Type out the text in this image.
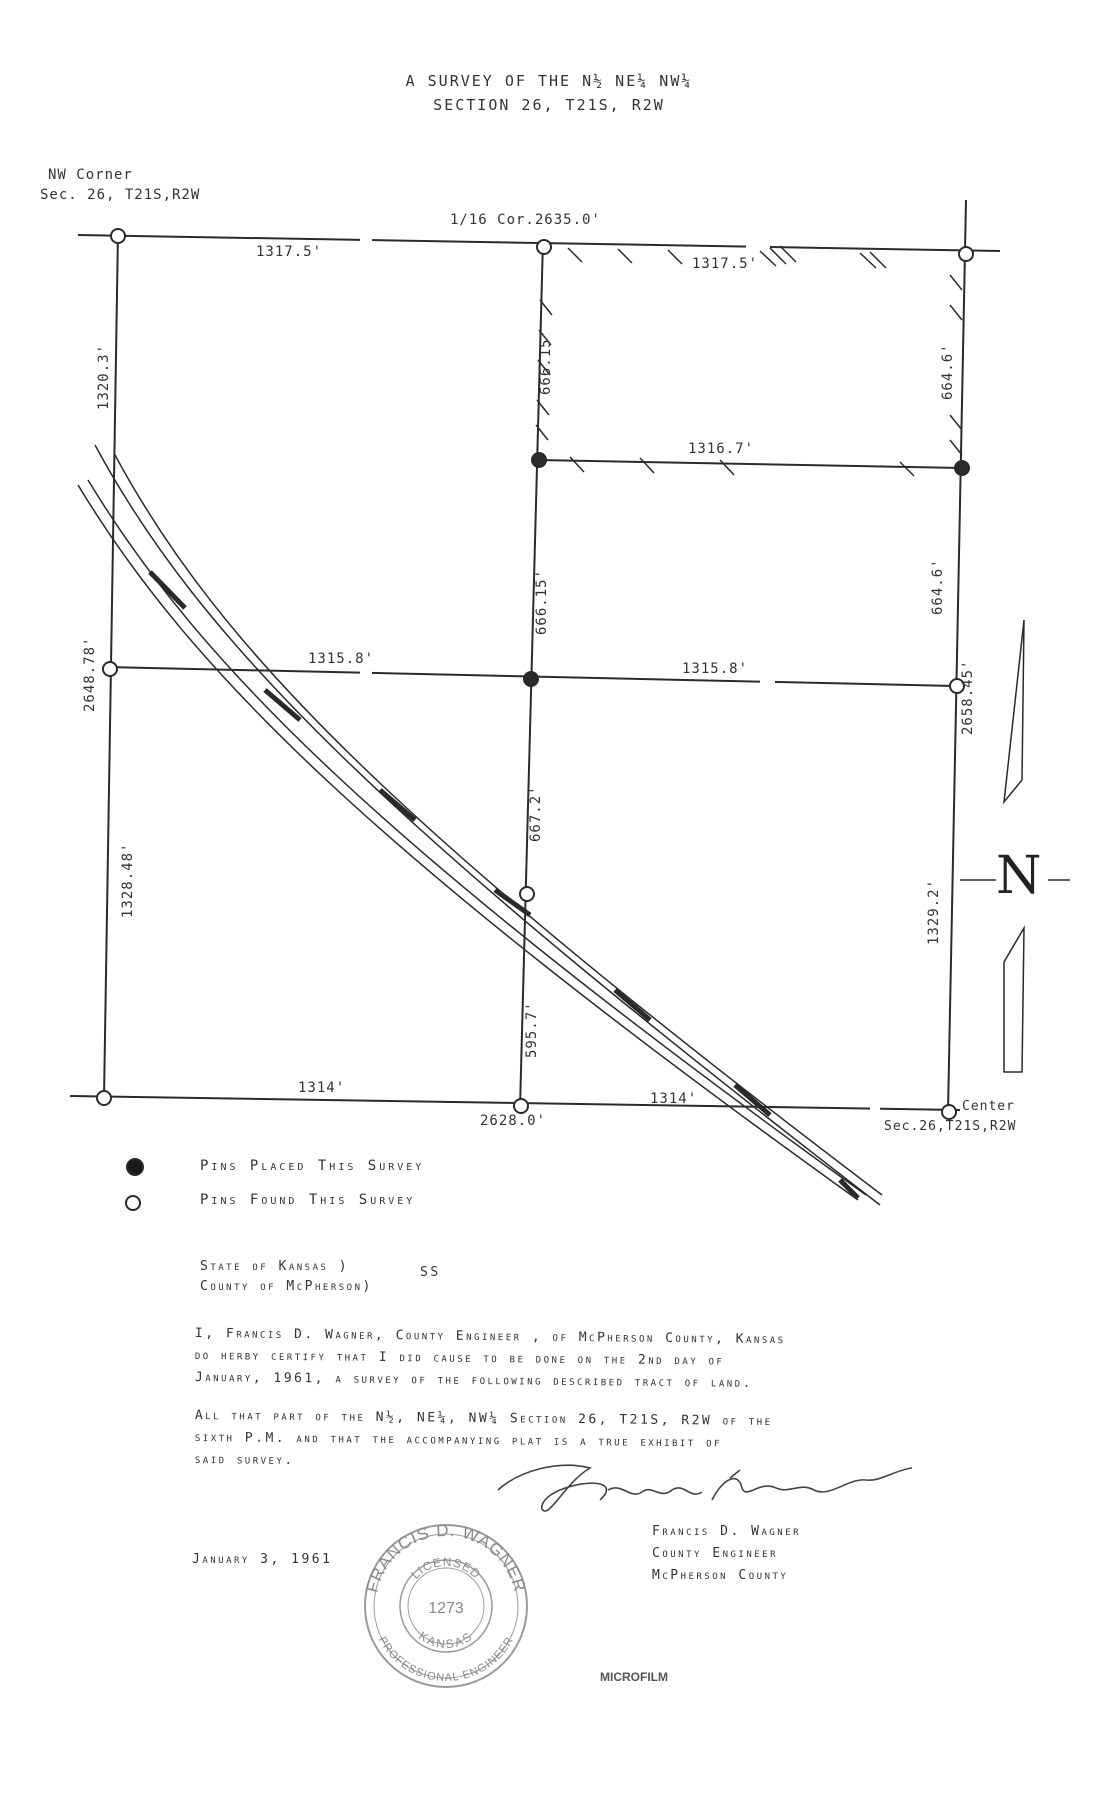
FRANCIS D. WAGNER
PROFESSIONAL ENGINEER
LICENSED
KANSAS
1273
A SURVEY OF THE N½ NE¼ NW¼
SECTION 26, T21S, R2W
NW Corner
Sec. 26, T21S,R2W
1/16 Cor.2635.0'
Center
Sec.26,T21S,R2W
1317.5'
1317.5'
1316.7'
1315.8'
1315.8'
1314'
1314'
2628.0'
1320.3'
2648.78'
1328.48'
666.15'
666.15'
667.2'
595.7'
664.6'
664.6'
2658.45'
1329.2'
N
Pins Placed This Survey
Pins Found This Survey
State of Kansas )	SS
County of McPherson)
I, Francis D. Wagner, County Engineer , of McPherson County, Kansas
do herby certify that I did cause to be done on the 2nd day of
January, 1961, a survey of the following described tract of land.
All that part of the N½, NE¼, NW¼ Section 26, T21S, R2W of the
sixth P.M. and that the accompanying plat is a true exhibit of
said survey.
Francis D. Wagner
County Engineer
McPherson County
January 3, 1961
MICROFILM
